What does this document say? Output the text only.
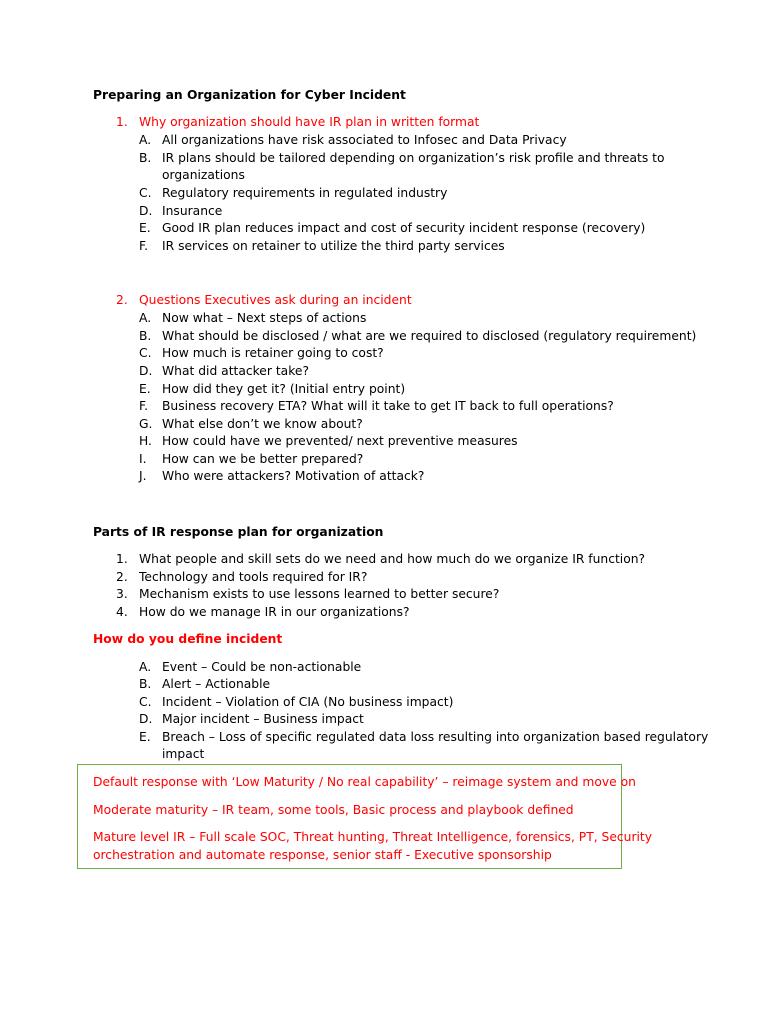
Preparing an Organization for Cyber Incident
1. Why organization should have IR plan in written format
A. All organizations have risk associated to Infosec and Data Privacy
B. IR plans should be tailored depending on organization’s risk profile and threats to
organizations
C. Regulatory requirements in regulated industry
D. Insurance
E. Good IR plan reduces impact and cost of security incident response (recovery)
F. IR services on retainer to utilize the third party services
2. Questions Executives ask during an incident
A. Now what – Next steps of actions
B. What should be disclosed / what are we required to disclosed (regulatory requirement)
C. How much is retainer going to cost?
D. What did attacker take?
E. How did they get it? (Initial entry point)
F. Business recovery ETA? What will it take to get IT back to full operations?
G. What else don’t we know about?
H. How could have we prevented/ next preventive measures
I. How can we be better prepared?
J. Who were attackers? Motivation of attack?
Parts of IR response plan for organization
1. What people and skill sets do we need and how much do we organize IR function?
2. Technology and tools required for IR?
3. Mechanism exists to use lessons learned to better secure?
4. How do we manage IR in our organizations?
How do you define incident
A. Event – Could be non-actionable
B. Alert – Actionable
C. Incident – Violation of CIA (No business impact)
D. Major incident – Business impact
E. Breach – Loss of specific regulated data loss resulting into organization based regulatory
impact
Default response with ‘Low Maturity / No real capability’ – reimage system and move on
Moderate maturity – IR team, some tools, Basic process and playbook defined
Mature level IR – Full scale SOC, Threat hunting, Threat Intelligence, forensics, PT, Security
orchestration and automate response, senior staff - Executive sponsorship
